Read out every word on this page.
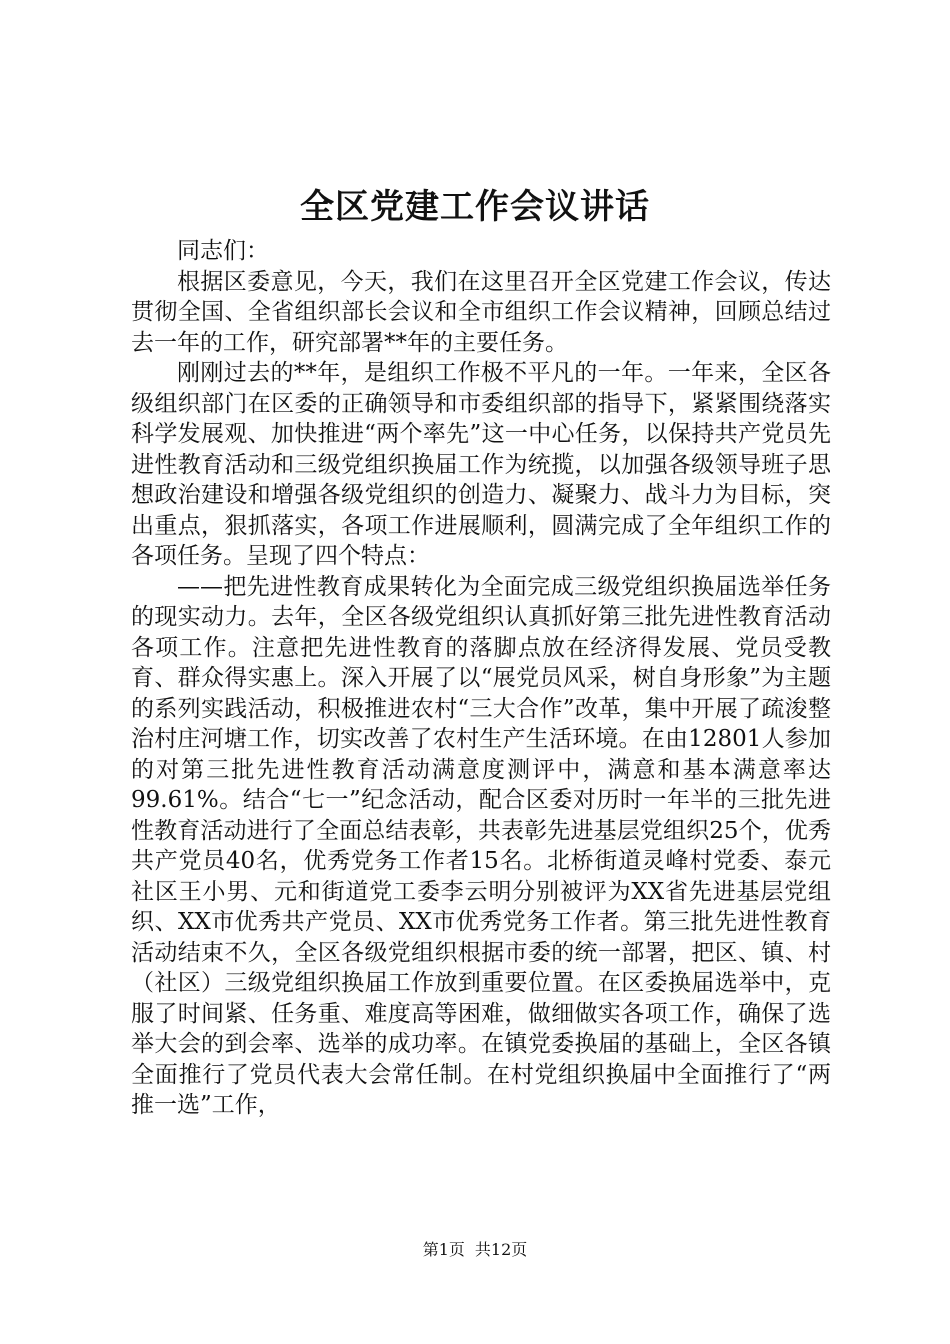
全区党建工作会议讲话

同志们：

根据区委意见，今天，我们在这里召开全区党建工作会议，传达贯彻全国、全省组织部长会议和全市组织工作会议精神，回顾总结过去一年的工作，研究部署**年的主要任务。

刚刚过去的**年，是组织工作极不平凡的一年。一年来，全区各级组织部门在区委的正确领导和市委组织部的指导下，紧紧围绕落实科学发展观、加快推进“两个率先”这一中心任务，以保持共产党员先进性教育活动和三级党组织换届工作为统揽，以加强各级领导班子思想政治建设和增强各级党组织的创造力、凝聚力、战斗力为目标，突出重点，狠抓落实，各项工作进展顺利，圆满完成了全年组织工作的各项任务。呈现了四个特点：

——把先进性教育成果转化为全面完成三级党组织换届选举任务的现实动力。去年，全区各级党组织认真抓好第三批先进性教育活动各项工作。注意把先进性教育的落脚点放在经济得发展、党员受教育、群众得实惠上。深入开展了以“展党员风采，树自身形象”为主题的系列实践活动，积极推进农村“三大合作”改革，集中开展了疏浚整治村庄河塘工作，切实改善了农村生产生活环境。在由12801人参加的对第三批先进性教育活动满意度测评中，满意和基本满意率达99.61%。结合“七一”纪念活动，配合区委对历时一年半的三批先进性教育活动进行了全面总结表彰，共表彰先进基层党组织25个，优秀共产党员40名，优秀党务工作者15名。北桥街道灵峰村党委、泰元社区王小男、元和街道党工委李云明分别被评为XX省先进基层党组织、XX市优秀共产党员、XX市优秀党务工作者。第三批先进性教育活动结束不久，全区各级党组织根据市委的统一部署，把区、镇、村（社区）三级党组织换届工作放到重要位置。在区委换届选举中，克服了时间紧、任务重、难度高等困难，做细做实各项工作，确保了选举大会的到会率、选举的成功率。在镇党委换届的基础上，全区各镇全面推行了党员代表大会常任制。在村党组织换届中全面推行了“两推一选”工作，

第1页 共12页
